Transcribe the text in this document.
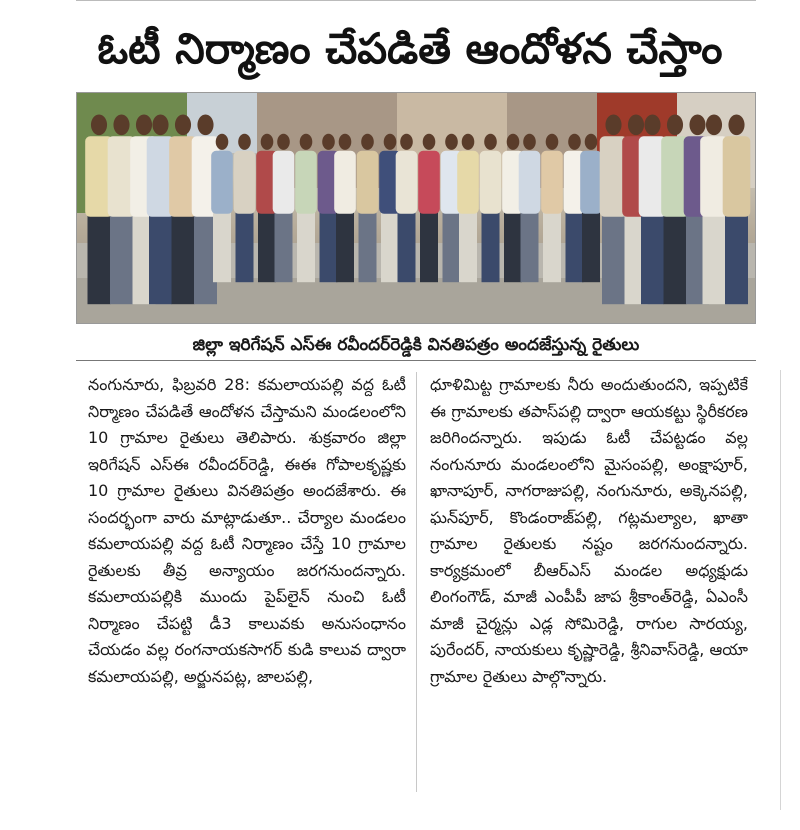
ఓటీ నిర్మాణం చేపడితే ఆందోళన చేస్తాం
జిల్లా ఇరిగేషన్ ఎస్ఈ రవీందర్‌రెడ్డికి వినతిపత్రం అందజేస్తున్న రైతులు

నంగునూరు, ఫిబ్రవరి 28: కమలాయపల్లి వద్ద ఓటీ నిర్మాణం చేపడితే ఆందోళన చేస్తామని మండలంలోని 10 గ్రామాల రైతులు తెలిపారు. శుక్రవారం జిల్లా ఇరిగేషన్ ఎస్ఈ రవీందర్‌రెడ్డి, ఈఈ గోపాలకృష్ణకు 10 గ్రామాల రైతులు వినతిపత్రం అందజేశారు. ఈ సందర్భంగా వారు మాట్లాడుతూ.. చేర్యాల మండలం కమలాయపల్లి వద్ద ఓటీ నిర్మాణం చేస్తే 10 గ్రామాల రైతులకు తీవ్ర అన్యాయం జరగనుందన్నారు. కమలాయపల్లికి ముందు పైప్‌లైన్ నుంచి ఓటీ నిర్మాణం చేపట్టి డీ3 కాలువకు అనుసంధానం చేయడం వల్ల రంగనాయకసాగర్ కుడి కాలువ ద్వారా కమలాయపల్లి, అర్జునపట్ల, జాలపల్లి,

ధూళిమిట్ట గ్రామాలకు నీరు అందుతుందని, ఇప్పటికే ఈ గ్రామాలకు తపాస్‌పల్లి ద్వారా ఆయకట్టు స్థిరీకరణ జరిగిందన్నారు. ఇపుడు ఓటీ చేపట్టడం వల్ల నంగునూరు మండలంలోని మైసంపల్లి, అంక్షాపూర్, ఖానాపూర్, నాగరాజుపల్లి, నంగునూరు, అక్కెనపల్లి, ఘన్‌పూర్, కొండంరాజ్‌పల్లి, గట్లమల్యాల, ఖాతా గ్రామాల రైతులకు నష్టం జరగనుందన్నారు. కార్యక్రమంలో బీఆర్ఎస్ మండల అధ్యక్షుడు లింగంగౌడ్, మాజీ ఎంపీపీ జాప శ్రీకాంత్‌రెడ్డి, ఏఎంసీ మాజీ చైర్మన్లు ఎడ్ల సోమిరెడ్డి, రాగుల సారయ్య, పురేందర్, నాయకులు కృష్ణారెడ్డి, శ్రీనివాస్‌రెడ్డి, ఆయా గ్రామాల రైతులు పాల్గొన్నారు.
